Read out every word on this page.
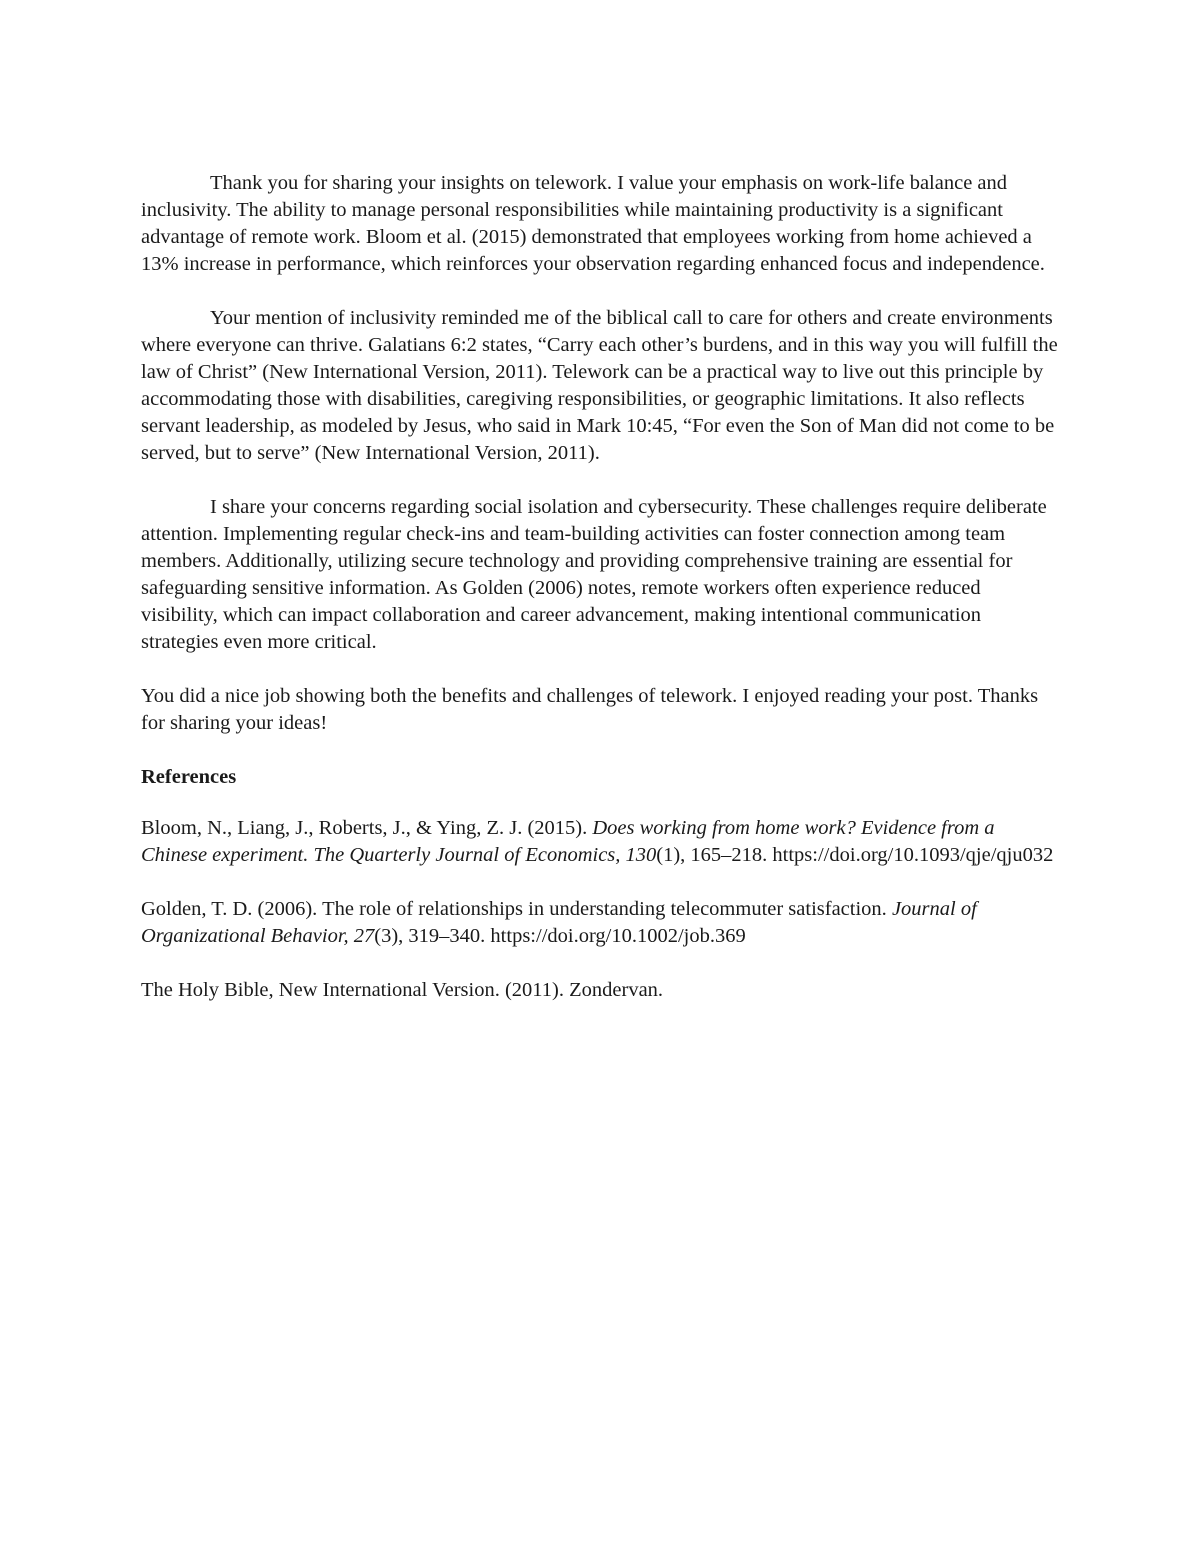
Thank you for sharing your insights on telework. I value your emphasis on work-life balance and inclusivity. The ability to manage personal responsibilities while maintaining productivity is a significant advantage of remote work. Bloom et al. (2015) demonstrated that employees working from home achieved a 13% increase in performance, which reinforces your observation regarding enhanced focus and independence.

Your mention of inclusivity reminded me of the biblical call to care for others and create environments where everyone can thrive. Galatians 6:2 states, “Carry each other’s burdens, and in this way you will fulfill the law of Christ” (New International Version, 2011). Telework can be a practical way to live out this principle by accommodating those with disabilities, caregiving responsibilities, or geographic limitations. It also reflects servant leadership, as modeled by Jesus, who said in Mark 10:45, “For even the Son of Man did not come to be served, but to serve” (New International Version, 2011).

I share your concerns regarding social isolation and cybersecurity. These challenges require deliberate attention. Implementing regular check-ins and team-building activities can foster connection among team members. Additionally, utilizing secure technology and providing comprehensive training are essential for safeguarding sensitive information. As Golden (2006) notes, remote workers often experience reduced visibility, which can impact collaboration and career advancement, making intentional communication strategies even more critical.

You did a nice job showing both the benefits and challenges of telework. I enjoyed reading your post. Thanks for sharing your ideas!

References

Bloom, N., Liang, J., Roberts, J., & Ying, Z. J. (2015). Does working from home work? Evidence from a Chinese experiment. The Quarterly Journal of Economics, 130(1), 165–218. https://doi.org/10.1093/qje/qju032

Golden, T. D. (2006). The role of relationships in understanding telecommuter satisfaction. Journal of Organizational Behavior, 27(3), 319–340. https://doi.org/10.1002/job.369

The Holy Bible, New International Version. (2011). Zondervan.
